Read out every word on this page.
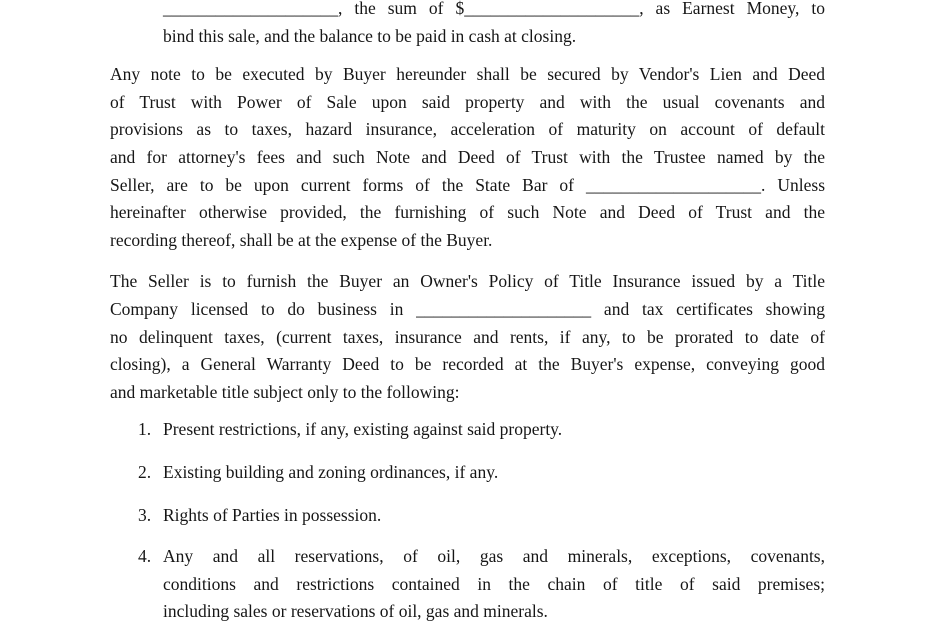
____________________, the sum of $____________________, as Earnest Money, to
bind this sale, and the balance to be paid in cash at closing.
Any note to be executed by Buyer hereunder shall be secured by Vendor's Lien and Deed
of Trust with Power of Sale upon said property and with the usual covenants and
provisions as to taxes, hazard insurance, acceleration of maturity on account of default
and for attorney's fees and such Note and Deed of Trust with the Trustee named by the
Seller, are to be upon current forms of the State Bar of ____________________. Unless
hereinafter otherwise provided, the furnishing of such Note and Deed of Trust and the
recording thereof, shall be at the expense of the Buyer.
The Seller is to furnish the Buyer an Owner's Policy of Title Insurance issued by a Title
Company licensed to do business in ____________________ and tax certificates showing
no delinquent taxes, (current taxes, insurance and rents, if any, to be prorated to date of
closing), a General Warranty Deed to be recorded at the Buyer's expense, conveying good
and marketable title subject only to the following:
1. Present restrictions, if any, existing against said property.
2. Existing building and zoning ordinances, if any.
3. Rights of Parties in possession.
4. Any and all reservations, of oil, gas and minerals, exceptions, covenants,
conditions and restrictions contained in the chain of title of said premises;
including sales or reservations of oil, gas and minerals.
